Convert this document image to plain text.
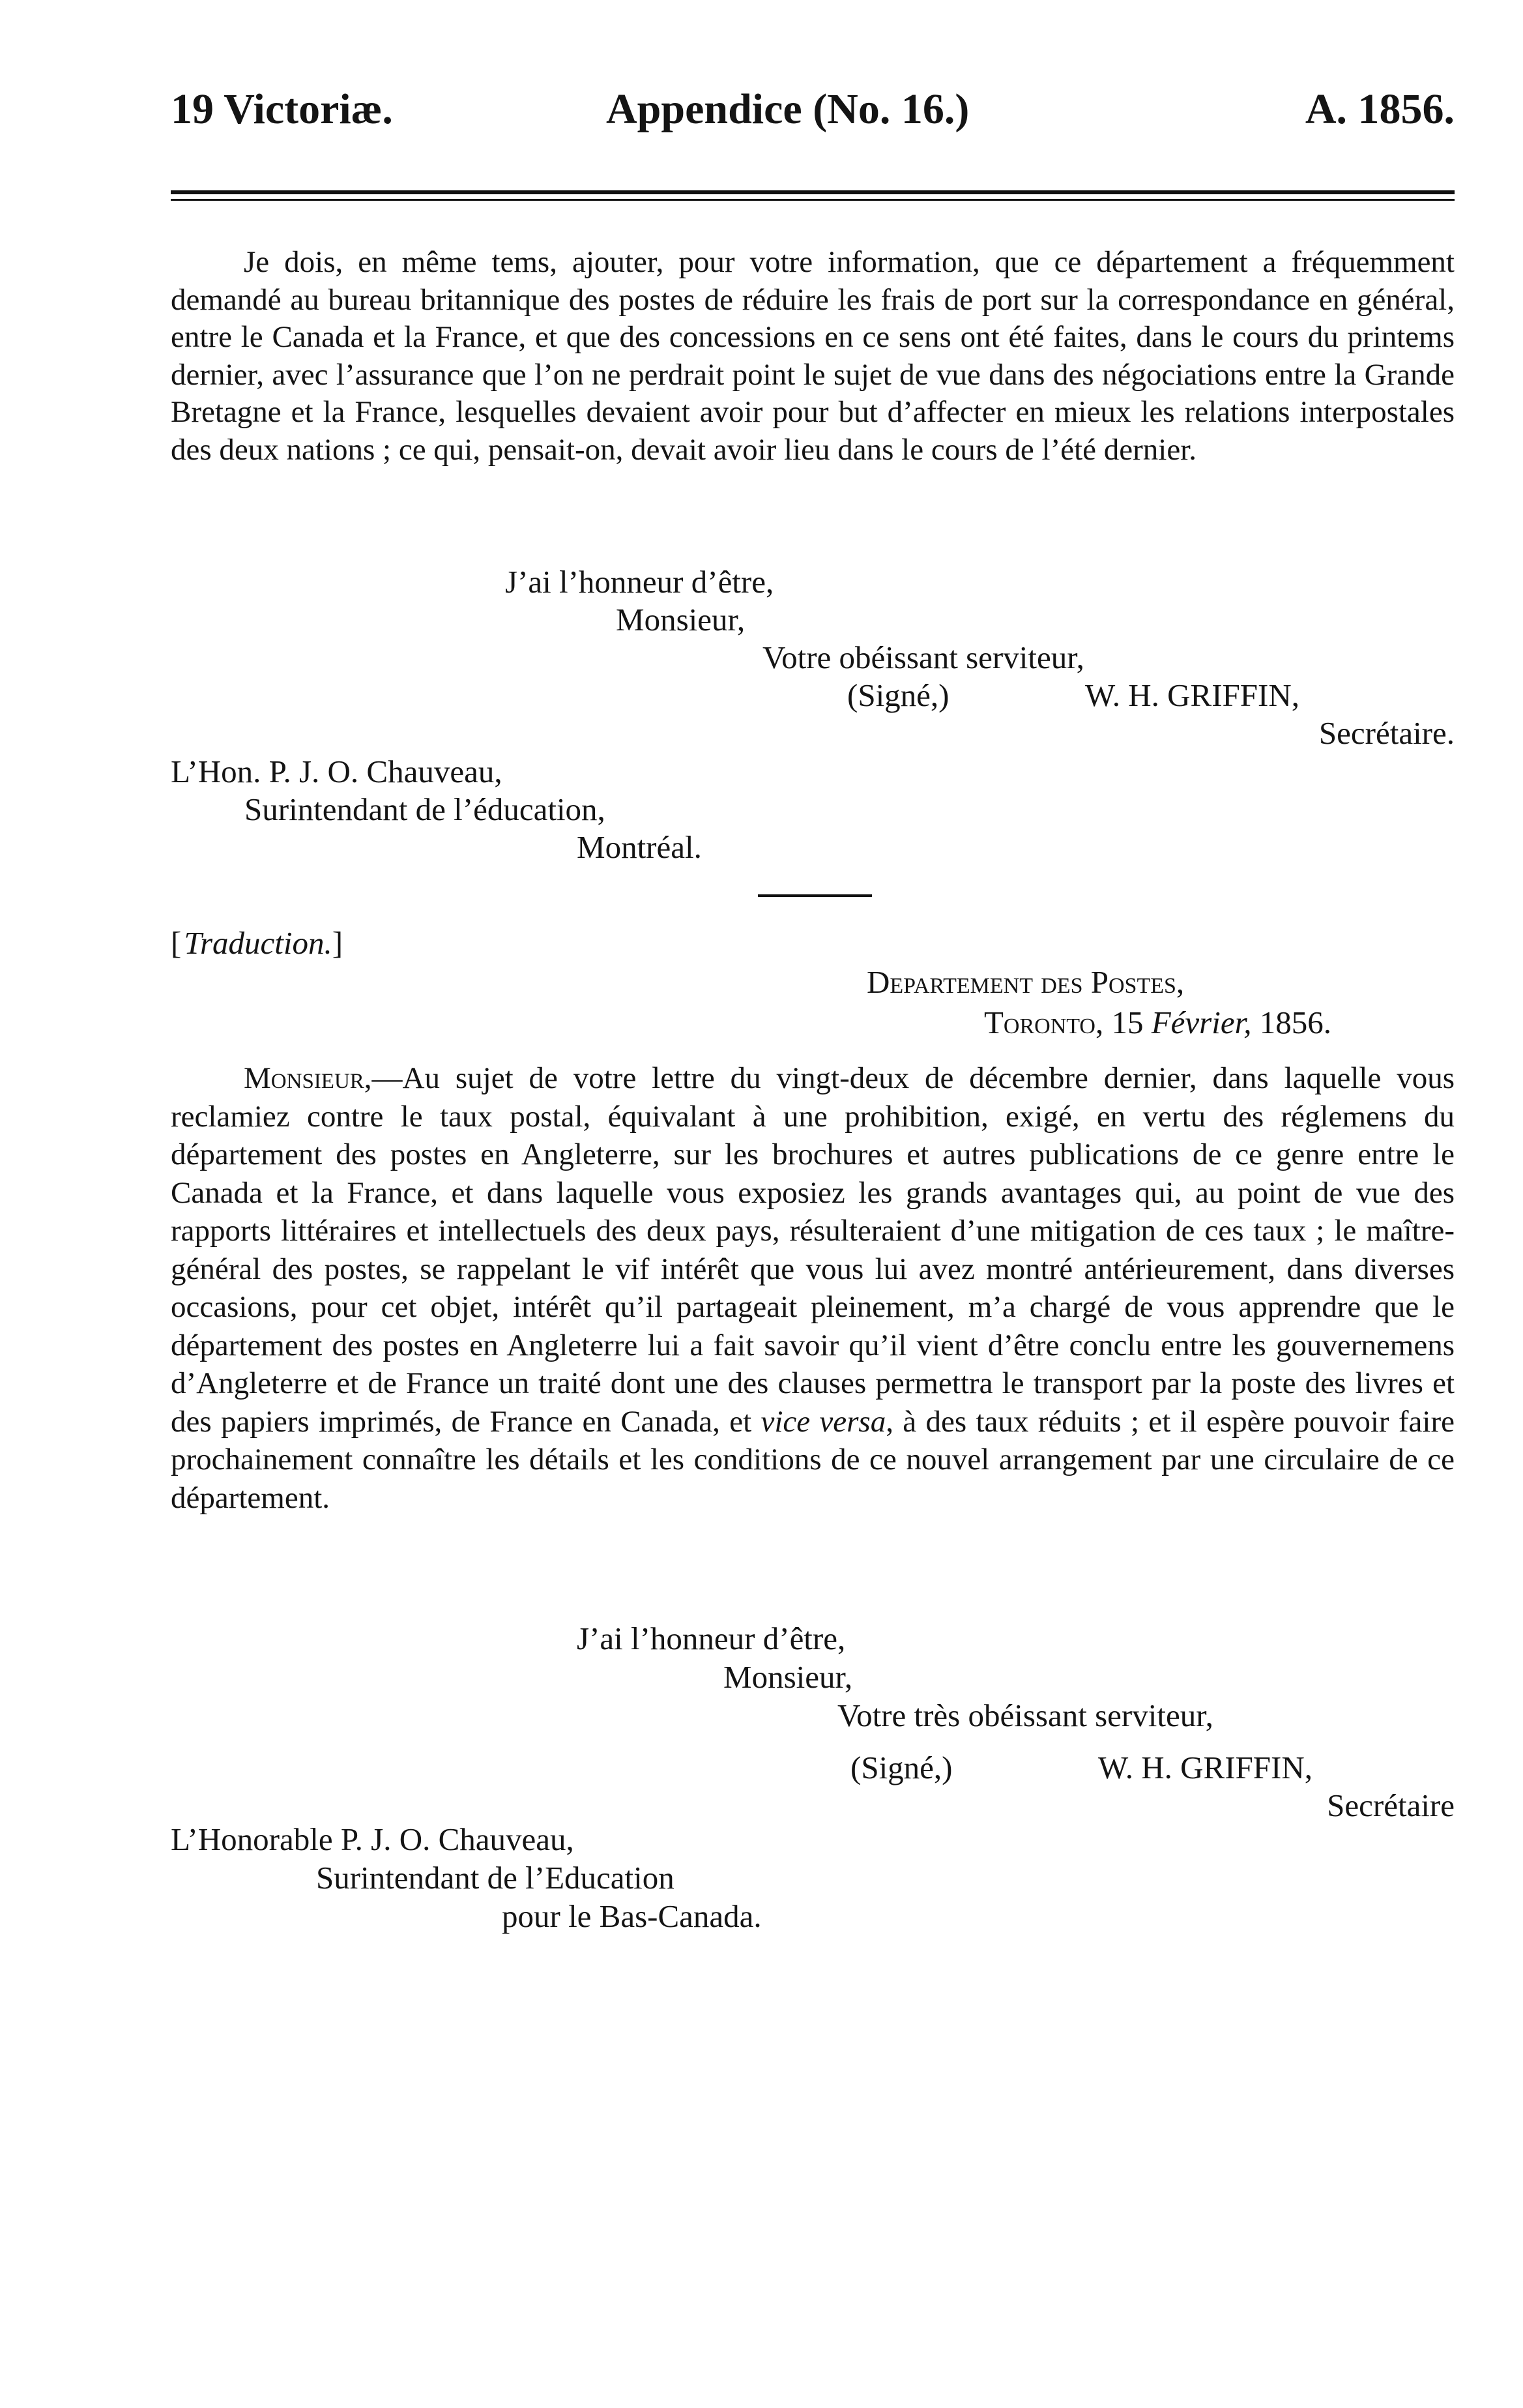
19 Victoriæ.	Appendice (No. 16.)	A. 1856.

Je dois, en même tems, ajouter, pour votre information, que ce département a fréquemment demandé au bureau britannique des postes de réduire les frais de port sur la correspondance en général, entre le Canada et la France, et que des concessions en ce sens ont été faites, dans le cours du printems dernier, avec l’assurance que l’on ne perdrait point le sujet de vue dans des négociations entre la Grande Bretagne et la France, lesquelles devaient avoir pour but d’affecter en mieux les relations interpostales des deux nations ; ce qui, pensait-on, devait avoir lieu dans le cours de l’été dernier.

J’ai l’honneur d’être,
Monsieur,
Votre obéissant serviteur,
(Signé,)	W. H. GRIFFIN,
Secrétaire.
L’Hon. P. J. O. Chauveau,
Surintendant de l’éducation,
Montréal.
[ Traduction.]
Departement des Postes,
Toronto, 15 Février, 1856.

Monsieur,—Au sujet de votre lettre du vingt-deux de décembre dernier, dans laquelle vous reclamiez contre le taux postal, équivalant à une prohibition, exigé, en vertu des réglemens du département des postes en Angleterre, sur les brochures et autres publications de ce genre entre le Canada et la France, et dans laquelle vous exposiez les grands avantages qui, au point de vue des rapports littéraires et intellectuels des deux pays, résulteraient d’une mitigation de ces taux ; le maître-général des postes, se rappelant le vif intérêt que vous lui avez montré antérieurement, dans diverses occasions, pour cet objet, intérêt qu’il partageait pleinement, m’a chargé de vous apprendre que le département des postes en Angleterre lui a fait savoir qu’il vient d’être conclu entre les gouvernemens d’Angleterre et de France un traité dont une des clauses permettra le transport par la poste des livres et des papiers imprimés, de France en Canada, et vice versa, à des taux réduits ; et il espère pouvoir faire prochainement connaître les détails et les conditions de ce nouvel arrangement par une circulaire de ce département.

J’ai l’honneur d’être,
Monsieur,
Votre très obéissant serviteur,
(Signé,)	W. H. GRIFFIN,
Secrétaire
L’Honorable P. J. O. Chauveau,
Surintendant de l’Education
pour le Bas-Canada.
